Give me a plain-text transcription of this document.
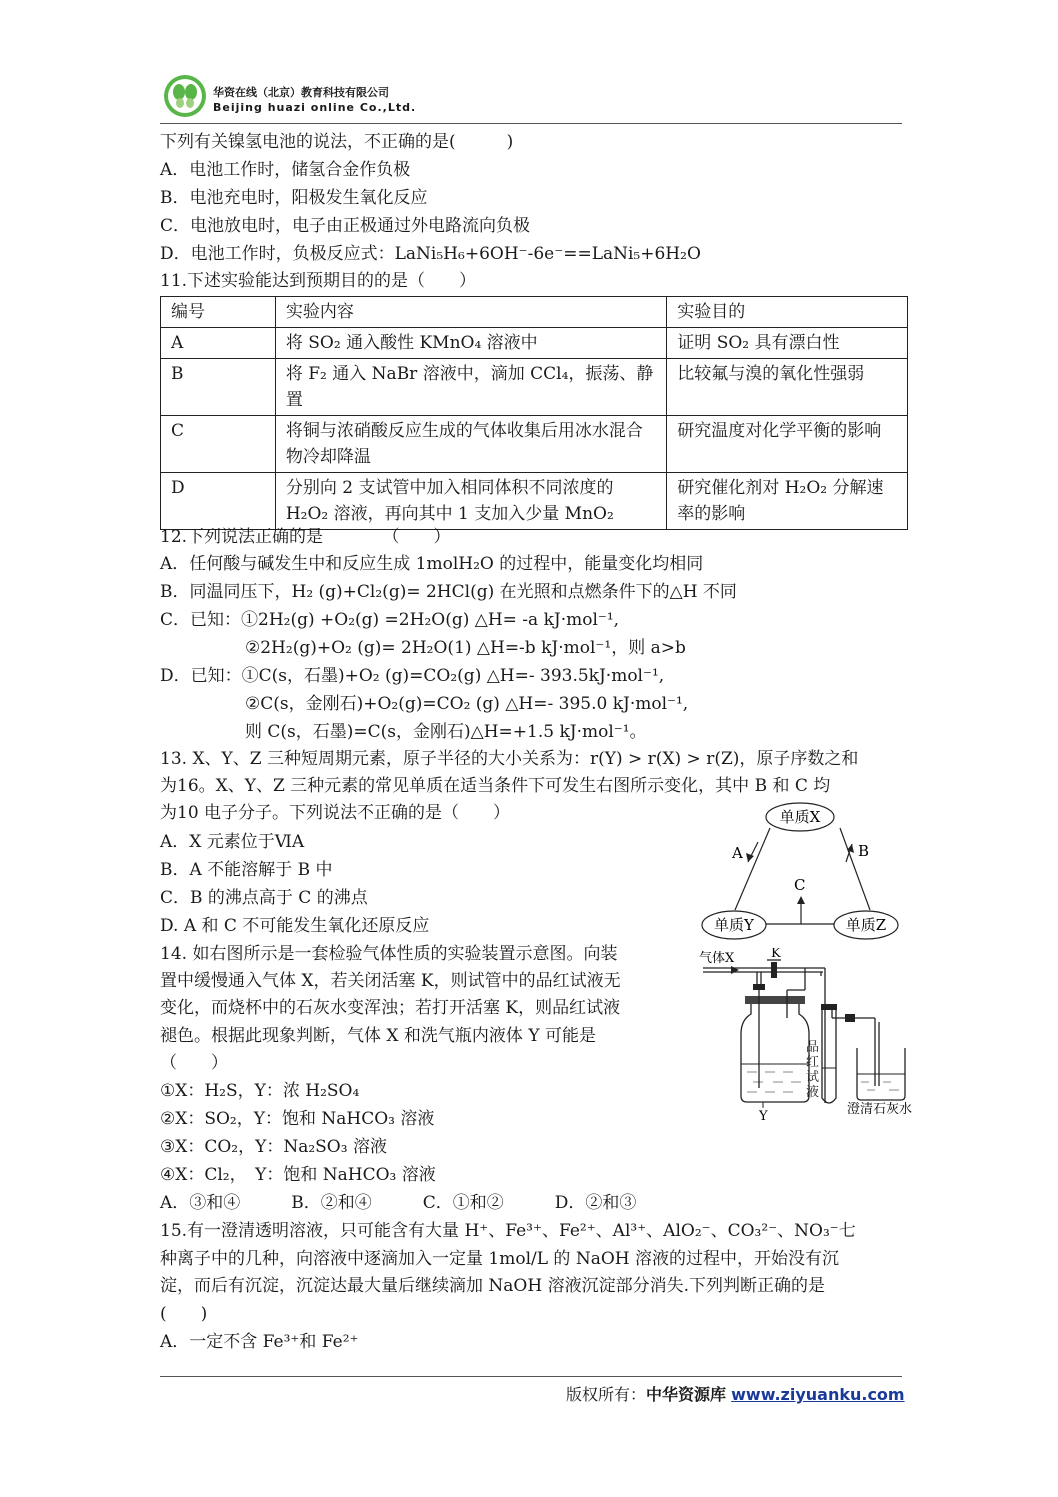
华资在线（北京）教育科技有限公司
Beijing huazi online Co.,Ltd.
下列有关镍氢电池的说法，不正确的是(　　　)
A．电池工作时，储氢合金作负极
B．电池充电时，阳极发生氧化反应
C．电池放电时，电子由正极通过外电路流向负极
D．电池工作时，负极反应式：LaNi₅H₆+6OH⁻-6e⁻==LaNi₅+6H₂O
11.下述实验能达到预期目的的是（　　）
编号	实验内容	实验目的
A	将 SO₂ 通入酸性 KMnO₄ 溶液中	证明 SO₂ 具有漂白性
B	将 F₂ 通入 NaBr 溶液中，滴加 CCl₄，振荡、静置	比较氟与溴的氧化性强弱
C	将铜与浓硝酸反应生成的气体收集后用冰水混合物冷却降温	研究温度对化学平衡的影响
D	分别向 2 支试管中加入相同体积不同浓度的 H₂O₂ 溶液，再向其中 1 支加入少量 MnO₂	研究催化剂对 H₂O₂ 分解速率的影响
12.下列说法正确的是　　　　（　　）
A．任何酸与碱发生中和反应生成 1molH₂O 的过程中，能量变化均相同
B．同温同压下，H₂ (g)+Cl₂(g)= 2HCl(g) 在光照和点燃条件下的△H 不同
C．已知：①2H₂(g) +O₂(g) =2H₂O(g) △H= -a kJ·mol⁻¹,
②2H₂(g)+O₂ (g)= 2H₂O(1) △H=-b kJ·mol⁻¹，则 a>b
D．已知：①C(s，石墨)+O₂ (g)=CO₂(g) △H=- 393.5kJ·mol⁻¹,
②C(s，金刚石)+O₂(g)=CO₂ (g) △H=- 395.0 kJ·mol⁻¹,
则 C(s，石墨)=C(s，金刚石)△H=+1.5 kJ·mol⁻¹。
13. X、Y、Z 三种短周期元素，原子半径的大小关系为：r(Y) > r(X) > r(Z)，原子序数之和
为16。X、Y、Z 三种元素的常见单质在适当条件下可发生右图所示变化，其中 B 和 C 均
为10 电子分子。下列说法不正确的是（　　）
A．X 元素位于ⅥA
B．A 不能溶解于 B 中
C．B 的沸点高于 C 的沸点
D. A 和 C 不可能发生氧化还原反应
单质X
单质Y	单质Z
A	B
C
14. 如右图所示是一套检验气体性质的实验装置示意图。向装
置中缓慢通入气体 X，若关闭活塞 K，则试管中的品红试液无
变化，而烧杯中的石灰水变浑浊；若打开活塞 K，则品红试液
褪色。根据此现象判断，气体 X 和洗气瓶内液体 Y 可能是
（　　）
①X：H₂S，Y：浓 H₂SO₄
②X：SO₂，Y：饱和 NaHCO₃ 溶液
③X：CO₂，Y：Na₂SO₃ 溶液
④X：Cl₂，　Y：饱和 NaHCO₃ 溶液
A．③和④　　　B．②和④　　　C．①和②　　　D．②和③
气体X	K
Y	澄清石灰水
品红试液
15.有一澄清透明溶液，只可能含有大量 H⁺、Fe³⁺、Fe²⁺、Al³⁺、AlO₂⁻、CO₃²⁻、NO₃⁻七
种离子中的几种，向溶液中逐滴加入一定量 1mol/L 的 NaOH 溶液的过程中，开始没有沉
淀，而后有沉淀，沉淀达最大量后继续滴加 NaOH 溶液沉淀部分消失.下列判断正确的是
(　　)
A．一定不含 Fe³⁺和 Fe²⁺
版权所有：中华资源库 www.ziyuanku.com
